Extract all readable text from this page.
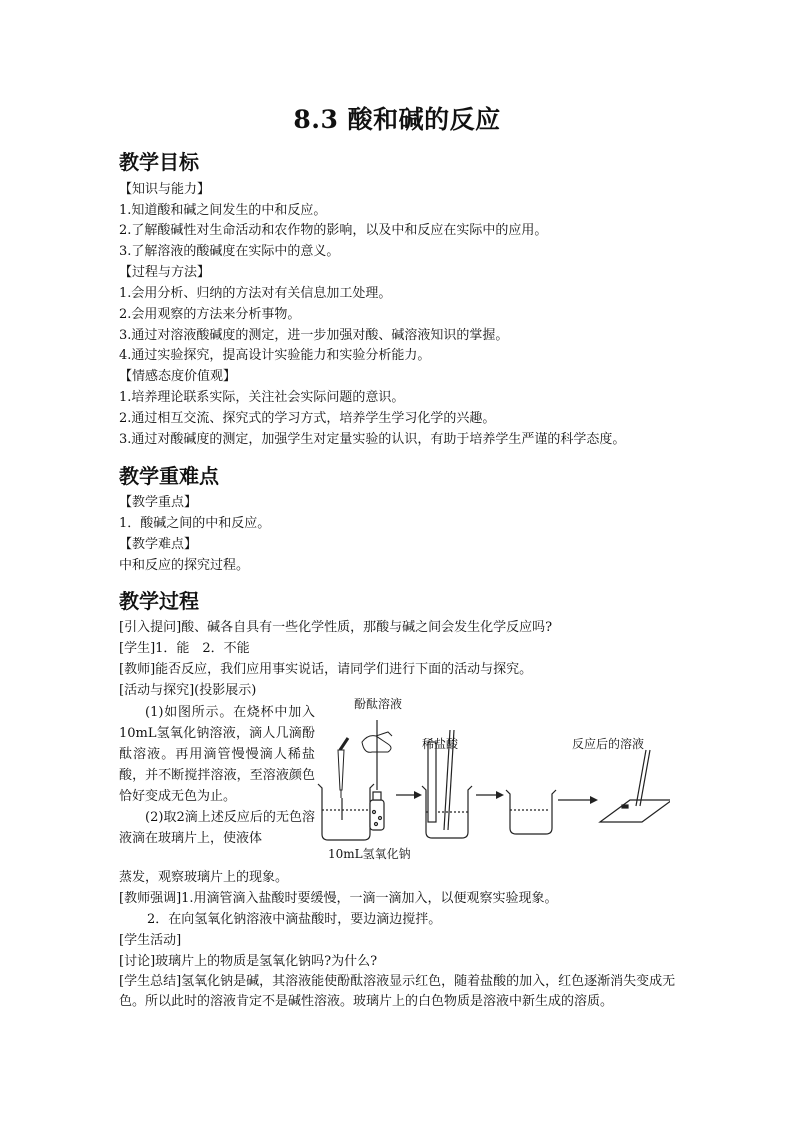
8.3 酸和碱的反应
教学目标
【知识与能力】
1.知道酸和碱之间发生的中和反应。
2.了解酸碱性对生命活动和农作物的影响，以及中和反应在实际中的应用。
3.了解溶液的酸碱度在实际中的意义。
【过程与方法】
1.会用分析、归纳的方法对有关信息加工处理。
2.会用观察的方法来分析事物。
3.通过对溶液酸碱度的测定，进一步加强对酸、碱溶液知识的掌握。
4.通过实验探究，提高设计实验能力和实验分析能力。
【情感态度价值观】
1.培养理论联系实际，关注社会实际问题的意识。
2.通过相互交流、探究式的学习方式，培养学生学习化学的兴趣。
3.通过对酸碱度的测定，加强学生对定量实验的认识，有助于培养学生严谨的科学态度。
教学重难点
【教学重点】
1．酸碱之间的中和反应。
【教学难点】
中和反应的探究过程。
教学过程
[引入提问]酸、碱各自具有一些化学性质，那酸与碱之间会发生化学反应吗?
[学生]1．能　2．不能
[教师]能否反应，我们应用事实说话，请同学们进行下面的活动与探究。
[活动与探究](投影展示)

(1)如图所示。在烧杯中加入10mL氢氧化钠溶液，滴人几滴酚酞溶液。再用滴管慢慢滴人稀盐酸，并不断搅拌溶液，至溶液颜色恰好变成无色为止。

(2)取2滴上述反应后的无色溶液滴在玻璃片上，使液体

蒸发，观察玻璃片上的现象。
[教师强调]1.用滴管滴入盐酸时要缓慢，一滴一滴加入，以便观察实验现象。
2．在向氢氧化钠溶液中滴盐酸时，要边滴边搅拌。
[学生活动]
[讨论]玻璃片上的物质是氢氧化钠吗?为什么?
[学生总结]氢氧化钠是碱，其溶液能使酚酞溶液显示红色，随着盐酸的加入，红色逐渐消失变成无色。所以此时的溶液肯定不是碱性溶液。玻璃片上的白色物质是溶液中新生成的溶质。
酚酞溶液
稀盐酸	反应后的溶液
10mL氢氧化钠
